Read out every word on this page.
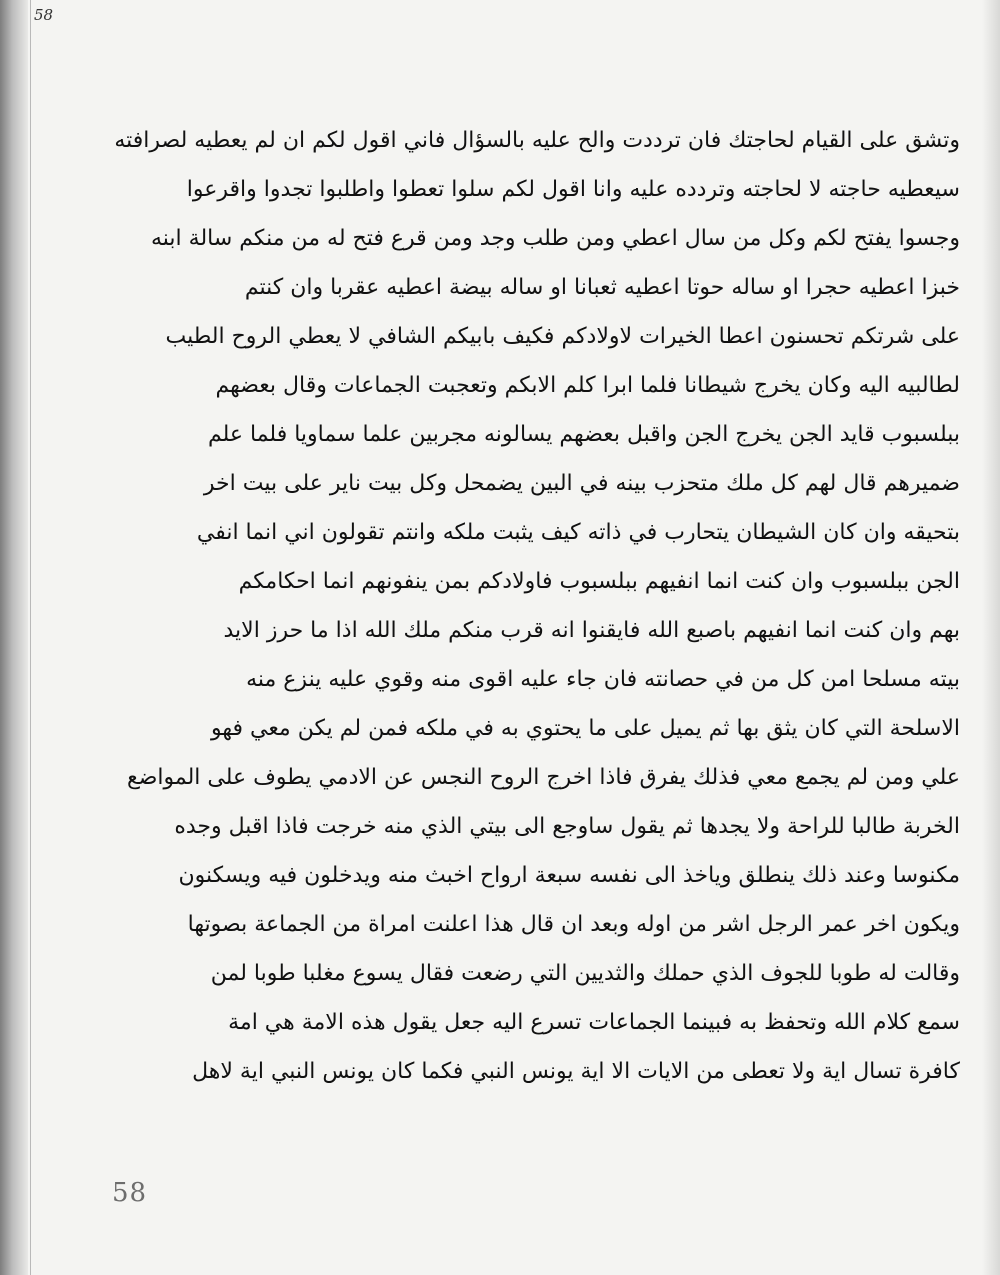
58
وتشق على القيام لحاجتك فان ترددت والح عليه بالسؤال فاني اقول لكم ان لم يعطيه لصرافته
سيعطيه حاجته لا لحاجته وتردده عليه وانا اقول لكم سلوا تعطوا واطلبوا تجدوا واقرعوا
وجسوا يفتح لكم وكل من سال اعطي ومن طلب وجد ومن قرع فتح له من منكم سالة ابنه
خبزا اعطيه حجرا او ساله حوتا اعطيه ثعبانا او ساله بيضة اعطيه عقربا وان كنتم
على شرتكم تحسنون اعطا الخيرات لاولادكم فكيف بابيكم الشافي لا يعطي الروح الطيب
لطالبيه اليه وكان يخرج شيطانا فلما ابرا كلم الابكم وتعجبت الجماعات وقال بعضهم
ببلسبوب قايد الجن يخرج الجن واقبل بعضهم يسالونه مجربين علما سماويا فلما علم
ضميرهم قال لهم كل ملك متحزب بينه في البين يضمحل وكل بيت ناير على بيت اخر
بتحيقه وان كان الشيطان يتحارب في ذاته كيف يثبت ملكه وانتم تقولون اني انما انفي
الجن ببلسبوب وان كنت انما انفيهم ببلسبوب فاولادكم بمن ينفونهم انما احكامكم
بهم وان كنت انما انفيهم باصبع الله فايقنوا انه قرب منكم ملك الله اذا ما حرز الايد
بيته مسلحا امن كل من في حصانته فان جاء عليه اقوى منه وقوي عليه ينزع منه
الاسلحة التي كان يثق بها ثم يميل على ما يحتوي به في ملكه فمن لم يكن معي فهو
علي ومن لم يجمع معي فذلك يفرق فاذا اخرج الروح النجس عن الادمي يطوف على المواضع
الخربة طالبا للراحة ولا يجدها ثم يقول ساوجع الى بيتي الذي منه خرجت فاذا اقبل وجده
مكنوسا وعند ذلك ينطلق وياخذ الى نفسه سبعة ارواح اخبث منه ويدخلون فيه ويسكنون
ويكون اخر عمر الرجل اشر من اوله وبعد ان قال هذا اعلنت امراة من الجماعة بصوتها
وقالت له طوبا للجوف الذي حملك والثديين التي رضعت فقال يسوع مغلبا طوبا لمن
سمع كلام الله وتحفظ به فبينما الجماعات تسرع اليه جعل يقول هذه الامة هي امة
كافرة تسال اية ولا تعطى من الايات الا اية يونس النبي فكما كان يونس النبي اية لاهل
58
